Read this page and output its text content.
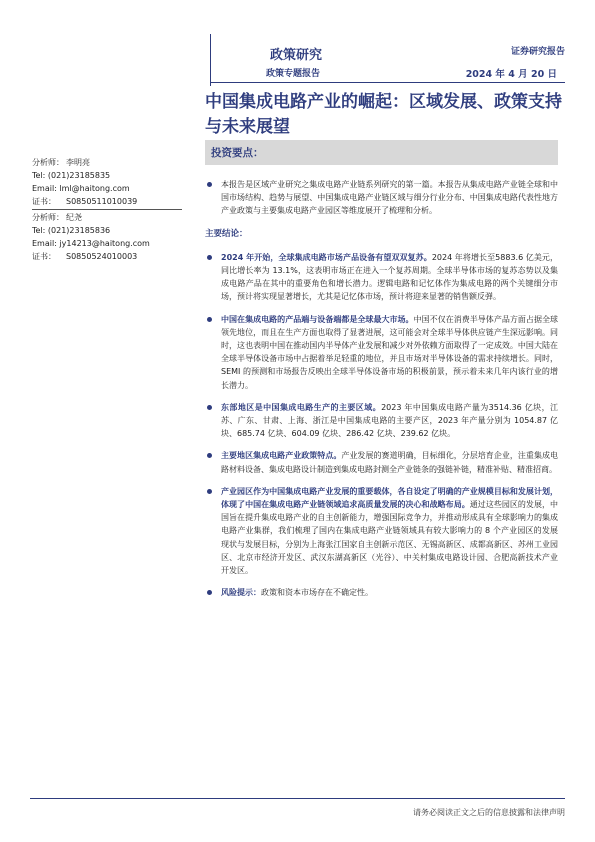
政策研究
政策专题报告
证券研究报告
2024 年 4 月 20 日
中国集成电路产业的崛起：区域发展、政策支持与未来展望
分析师： 李明亮
Tel: (021)23185835
Email: lml@haitong.com
证书： S0850511010039
分析师： 纪尧
Tel: (021)23185836
Email: jy14213@haitong.com
证书： S0850524010003
投资要点：
本报告是区域产业研究之集成电路产业链系列研究的第一篇。本报告从集成电路产业链全球和中国市场结构、趋势与展望、中国集成电路产业链区域与细分行业分布、中国集成电路代表性地方产业政策与主要集成电路产业园区等维度展开了梳理和分析。
主要结论：
2024 年开始，全球集成电路市场产品设备有望双双复苏。2024 年将增长至5883.6 亿美元，同比增长率为 13.1%，这表明市场正在进入一个复苏周期。全球半导体市场的复苏态势以及集成电路产品在其中的重要角色和增长潜力。逻辑电路和记忆体作为集成电路的两个关键细分市场，预计将实现显著增长，尤其是记忆体市场，预计将迎来显著的销售额反弹。
中国在集成电路的产品端与设备端都是全球最大市场。中国不仅在消费半导体产品方面占据全球领先地位，而且在生产方面也取得了显著进展，这可能会对全球半导体供应链产生深远影响。同时，这也表明中国在推动国内半导体产业发展和减少对外依赖方面取得了一定成效。中国大陆在全球半导体设备市场中占据着举足轻重的地位，并且市场对半导体设备的需求持续增长。同时，SEMI 的预测和市场报告反映出全球半导体设备市场的积极前景，预示着未来几年内该行业的增长潜力。
东部地区是中国集成电路生产的主要区域。2023 年中国集成电路产量为3514.36 亿块，江苏、广东、甘肃、上海、浙江是中国集成电路的主要产区，2023 年产量分别为 1054.87 亿块、685.74 亿块、604.09 亿块、286.42 亿块、239.62 亿块。
主要地区集成电路产业政策特点。产业发展的赛道明确，目标细化，分层培育企业，注重集成电路材料设备、集成电路设计制造到集成电路封测全产业链条的强链补链，精准补贴、精准招商。
产业园区作为中国集成电路产业发展的重要载体，各自设定了明确的产业规模目标和发展计划，体现了中国在集成电路产业链领域追求高质量发展的决心和战略布局。通过这些园区的发展，中国旨在提升集成电路产业的自主创新能力，增强国际竞争力，并推动形成具有全球影响力的集成电路产业集群，我们梳理了国内在集成电路产业链领域具有较大影响力的 8 个产业园区的发展现状与发展目标，分别为上海张江国家自主创新示范区、无锡高新区、成都高新区、苏州工业园区、北京市经济开发区、武汉东湖高新区（光谷）、中关村集成电路设计园、合肥高新技术产业开发区。
风险提示：政策和资本市场存在不确定性。
请务必阅读正文之后的信息披露和法律声明
